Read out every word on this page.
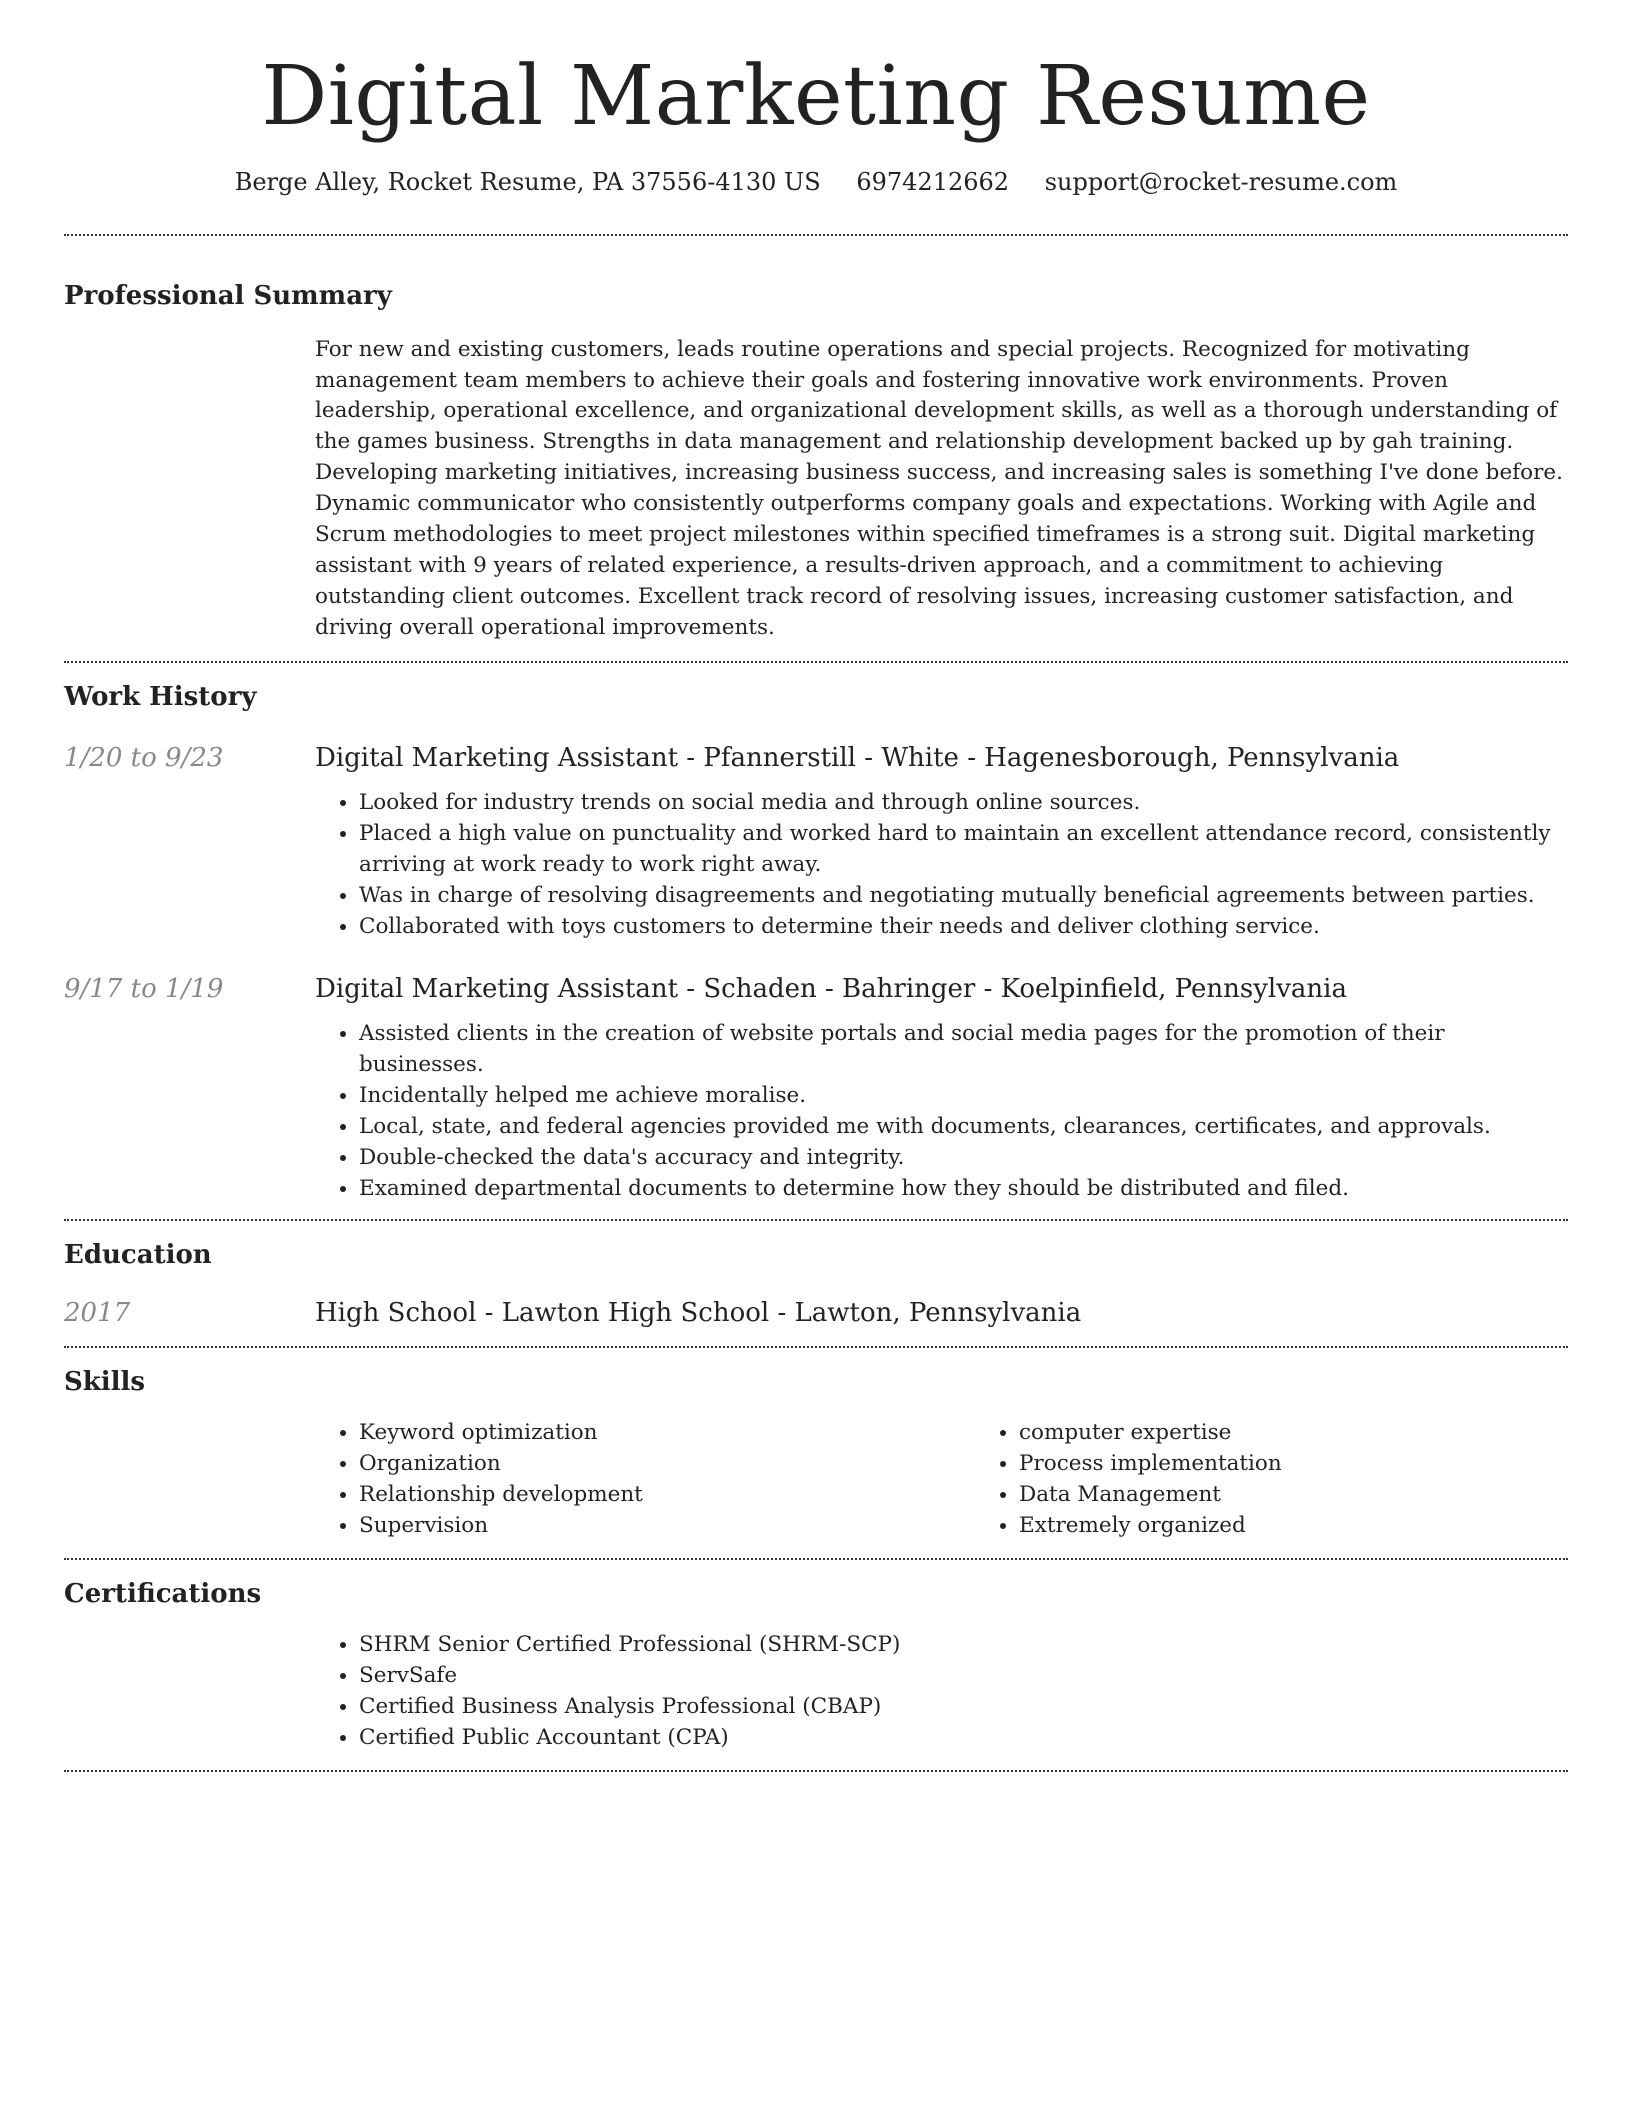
Digital Marketing Resume
Berge Alley, Rocket Resume, PA 37556-4130 US 6974212662 support@rocket-resume.com
Professional Summary

For new and existing customers, leads routine operations and special projects. Recognized for motivating management team members to achieve their goals and fostering innovative work environments. Proven leadership, operational excellence, and organizational development skills, as well as a thorough understanding of the games business. Strengths in data management and relationship development backed up by gah training. Developing marketing initiatives, increasing business success, and increasing sales is something I've done before. Dynamic communicator who consistently outperforms company goals and expectations. Working with Agile and Scrum methodologies to meet project milestones within specified timeframes is a strong suit. Digital marketing assistant with 9 years of related experience, a results-driven approach, and a commitment to achieving outstanding client outcomes. Excellent track record of resolving issues, increasing customer satisfaction, and driving overall operational improvements.

Work History
1/20 to 9/23	Digital Marketing Assistant - Pfannerstill - White - Hagenesborough, Pennsylvania
• Looked for industry trends on social media and through online sources.
• Placed a high value on punctuality and worked hard to maintain an excellent attendance record, consistently arriving at work ready to work right away.
• Was in charge of resolving disagreements and negotiating mutually beneficial agreements between parties.
• Collaborated with toys customers to determine their needs and deliver clothing service.
9/17 to 1/19	Digital Marketing Assistant - Schaden - Bahringer - Koelpinfield, Pennsylvania
• Assisted clients in the creation of website portals and social media pages for the promotion of their businesses.
• Incidentally helped me achieve moralise.
• Local, state, and federal agencies provided me with documents, clearances, certificates, and approvals.
• Double-checked the data's accuracy and integrity.
• Examined departmental documents to determine how they should be distributed and filed.
Education
2017	High School - Lawton High School - Lawton, Pennsylvania
Skills
• Keyword optimization
• Organization
• Relationship development
• Supervision
• computer expertise
• Process implementation
• Data Management
• Extremely organized
Certifications
• SHRM Senior Certified Professional (SHRM-SCP)
• ServSafe
• Certified Business Analysis Professional (CBAP)
• Certified Public Accountant (CPA)
